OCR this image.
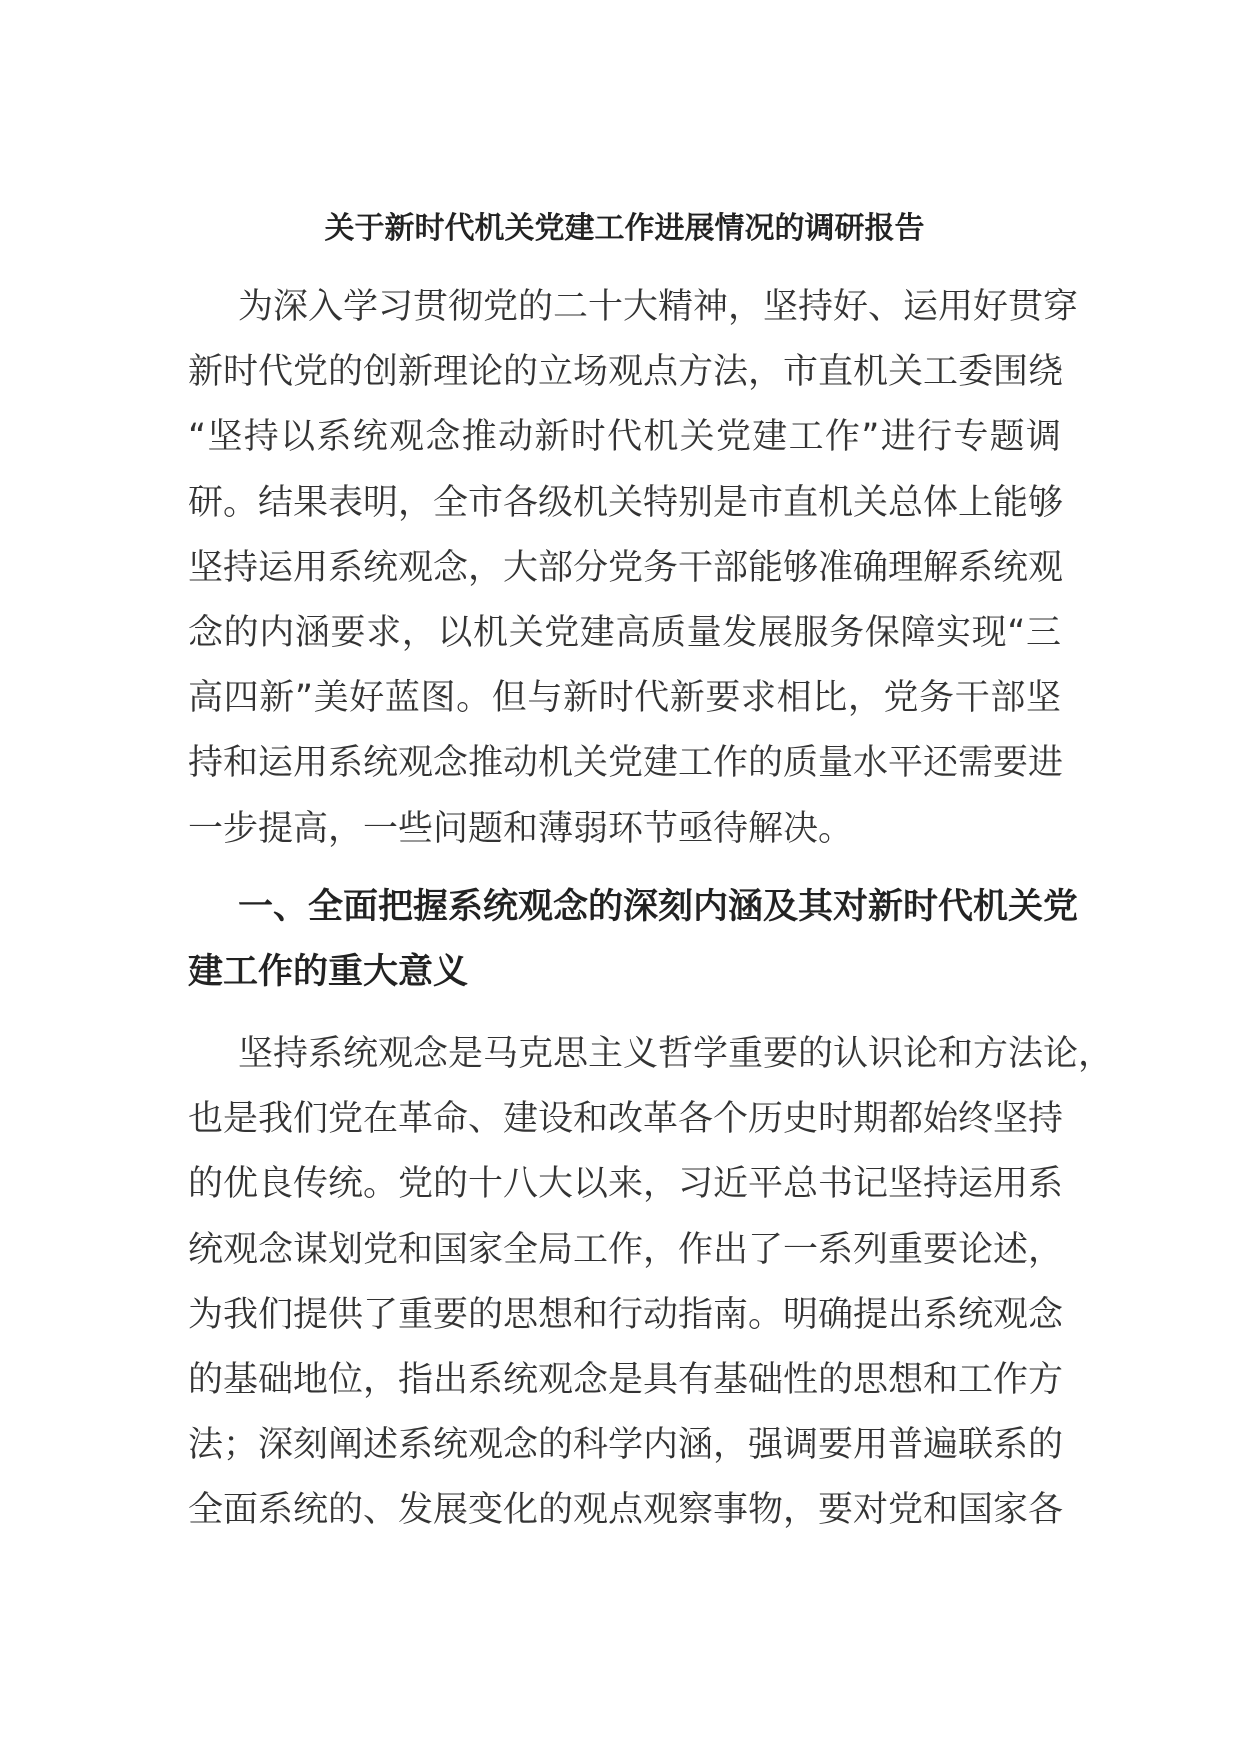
关于新时代机关党建工作进展情况的调研报告
为深入学习贯彻党的二十大精神，坚持好、运用好贯穿
新时代党的创新理论的立场观点方法，市直机关工委围绕
“坚持以系统观念推动新时代机关党建工作”进行专题调
研。结果表明，全市各级机关特别是市直机关总体上能够
坚持运用系统观念，大部分党务干部能够准确理解系统观
念的内涵要求，以机关党建高质量发展服务保障实现“三
高四新”美好蓝图。但与新时代新要求相比，党务干部坚
持和运用系统观念推动机关党建工作的质量水平还需要进
一步提高，一些问题和薄弱环节亟待解决。
一、全面把握系统观念的深刻内涵及其对新时代机关党
建工作的重大意义
坚持系统观念是马克思主义哲学重要的认识论和方法论，
也是我们党在革命、建设和改革各个历史时期都始终坚持
的优良传统。党的十八大以来，习近平总书记坚持运用系
统观念谋划党和国家全局工作，作出了一系列重要论述，
为我们提供了重要的思想和行动指南。明确提出系统观念
的基础地位，指出系统观念是具有基础性的思想和工作方
法；深刻阐述系统观念的科学内涵，强调要用普遍联系的
全面系统的、发展变化的观点观察事物，要对党和国家各
